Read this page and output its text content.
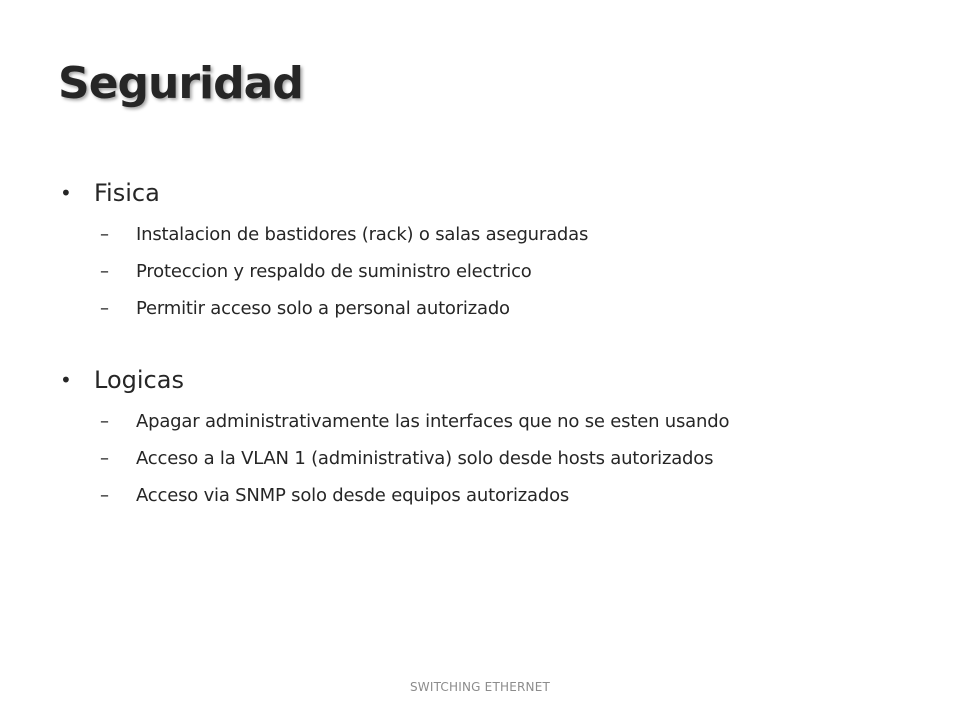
Seguridad
• Fisica
– Instalacion de bastidores (rack) o salas aseguradas
– Proteccion y respaldo de suministro electrico
– Permitir acceso solo a personal autorizado
• Logicas
– Apagar administrativamente las interfaces que no se esten usando
– Acceso a la VLAN 1 (administrativa) solo desde hosts autorizados
– Acceso via SNMP solo desde equipos autorizados
SWITCHING ETHERNET
